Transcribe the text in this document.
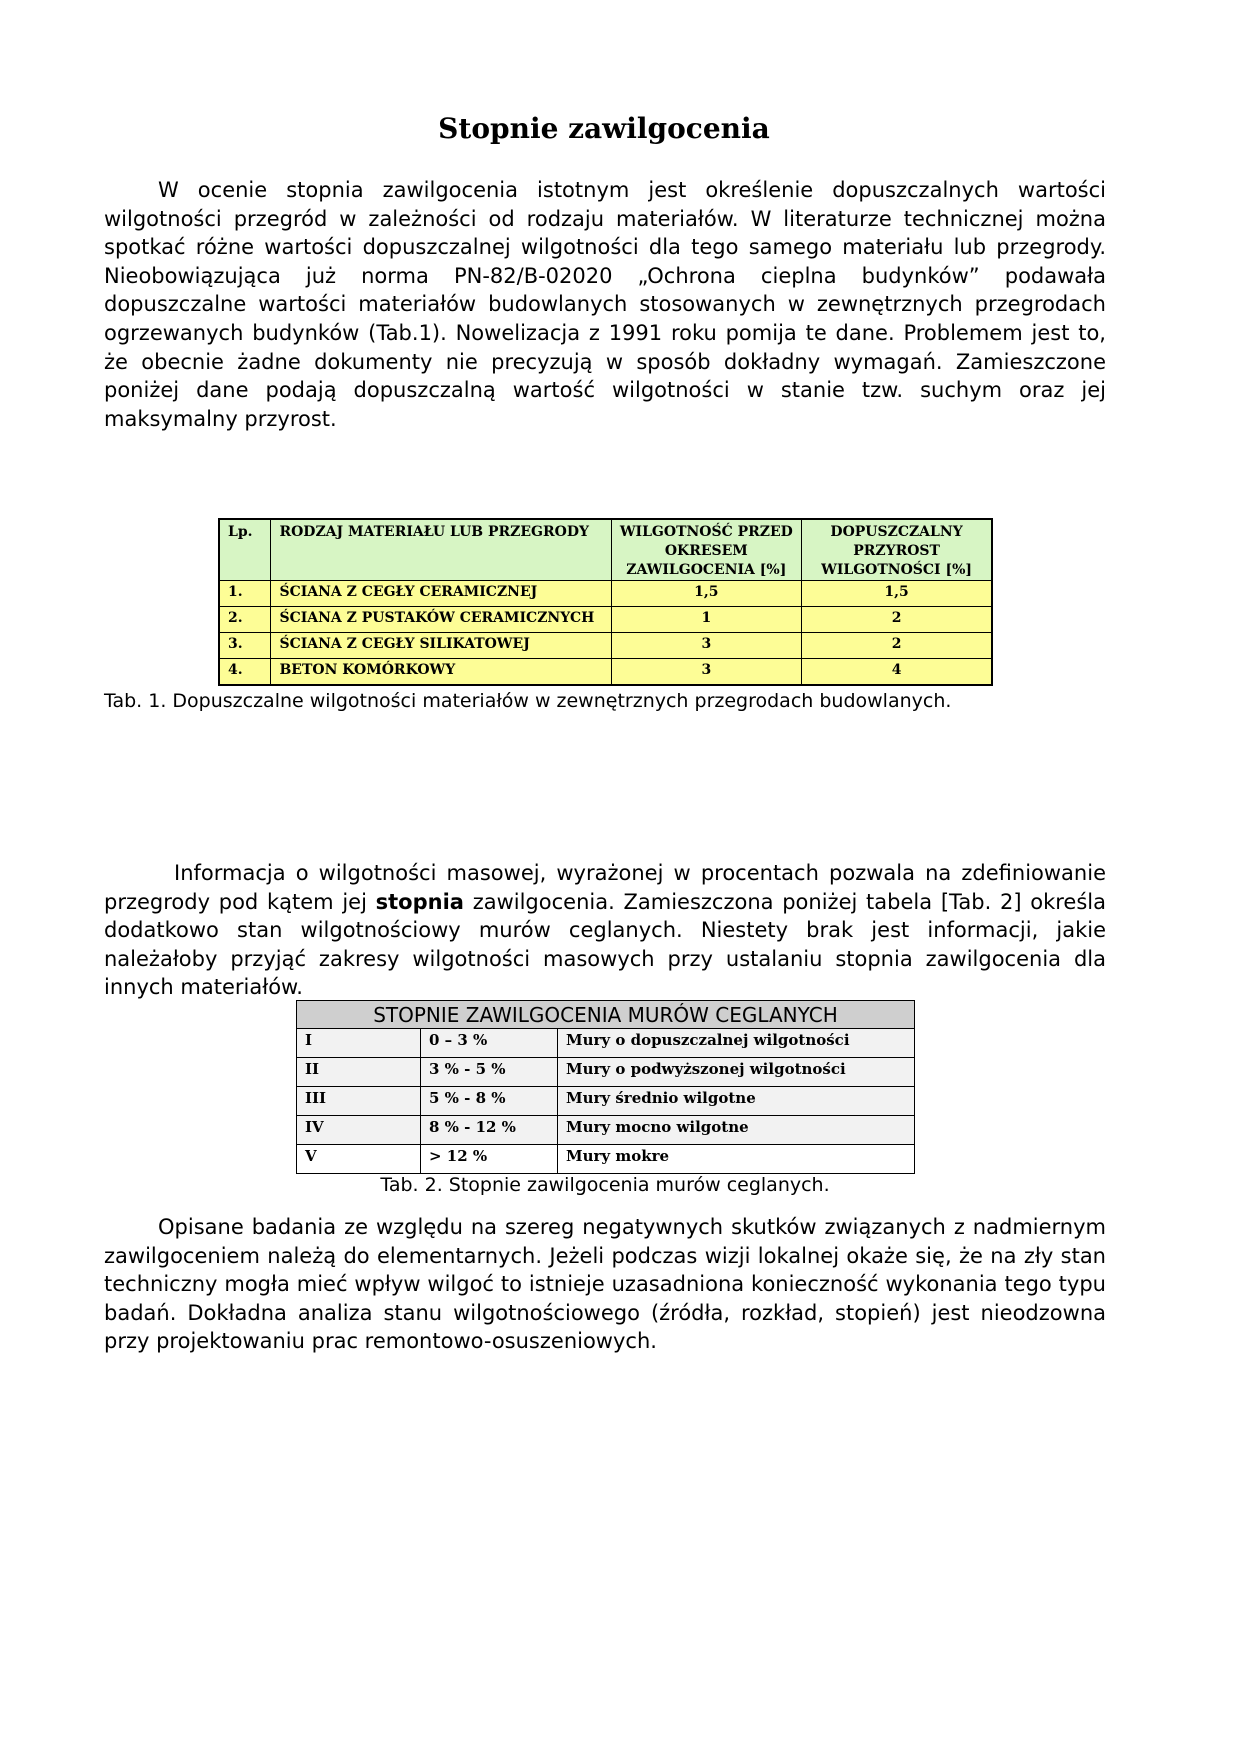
Stopnie zawilgocenia

W ocenie stopnia zawilgocenia istotnym jest określenie dopuszczalnych wartości wilgotności przegród w zależności od rodzaju materiałów. W literaturze technicznej można spotkać różne wartości dopuszczalnej wilgotności dla tego samego materiału lub przegrody. Nieobowiązująca już norma PN-82/B-02020 „Ochrona cieplna budynków” podawała dopuszczalne wartości materiałów budowlanych stosowanych w zewnętrznych przegrodach ogrzewanych budynków (Tab.1). Nowelizacja z 1991 roku pomija te dane. Problemem jest to, że obecnie żadne dokumenty nie precyzują w sposób dokładny wymagań. Zamieszczone poniżej dane podają dopuszczalną wartość wilgotności w stanie tzw. suchym oraz jej maksymalny przyrost.

Lp.	RODZAJ MATERIAŁU LUB PRZEGRODY	WILGOTNOŚĆ PRZED OKRESEM ZAWILGOCENIA [%]	DOPUSZCZALNY PRZYROST WILGOTNOŚCI [%]
1.	ŚCIANA Z CEGŁY CERAMICZNEJ	1,5	1,5
2.	ŚCIANA Z PUSTAKÓW CERAMICZNYCH	1	2
3.	ŚCIANA Z CEGŁY SILIKATOWEJ	3	2
4.	BETON KOMÓRKOWY	3	4
Tab. 1. Dopuszczalne wilgotności materiałów w zewnętrznych przegrodach budowlanych.

Informacja o wilgotności masowej, wyrażonej w procentach pozwala na zdefiniowanie przegrody pod kątem jej stopnia zawilgocenia. Zamieszczona poniżej tabela [Tab. 2] określa dodatkowo stan wilgotnościowy murów ceglanych. Niestety brak jest informacji, jakie należałoby przyjąć zakresy wilgotności masowych przy ustalaniu stopnia zawilgocenia dla innych materiałów.

STOPNIE ZAWILGOCENIA MURÓW CEGLANYCH		
I	0 – 3 %	Mury o dopuszczalnej wilgotności
II	3 % - 5 %	Mury o podwyższonej wilgotności
III	5 % - 8 %	Mury średnio wilgotne
IV	8 % - 12 %	Mury mocno wilgotne
V	> 12 %	Mury mokre
Tab. 2. Stopnie zawilgocenia murów ceglanych.

Opisane badania ze względu na szereg negatywnych skutków związanych z nadmiernym zawilgoceniem należą do elementarnych. Jeżeli podczas wizji lokalnej okaże się, że na zły stan techniczny mogła mieć wpływ wilgoć to istnieje uzasadniona konieczność wykonania tego typu badań. Dokładna analiza stanu wilgotnościowego (źródła, rozkład, stopień) jest nieodzowna przy projektowaniu prac remontowo-osuszeniowych.
